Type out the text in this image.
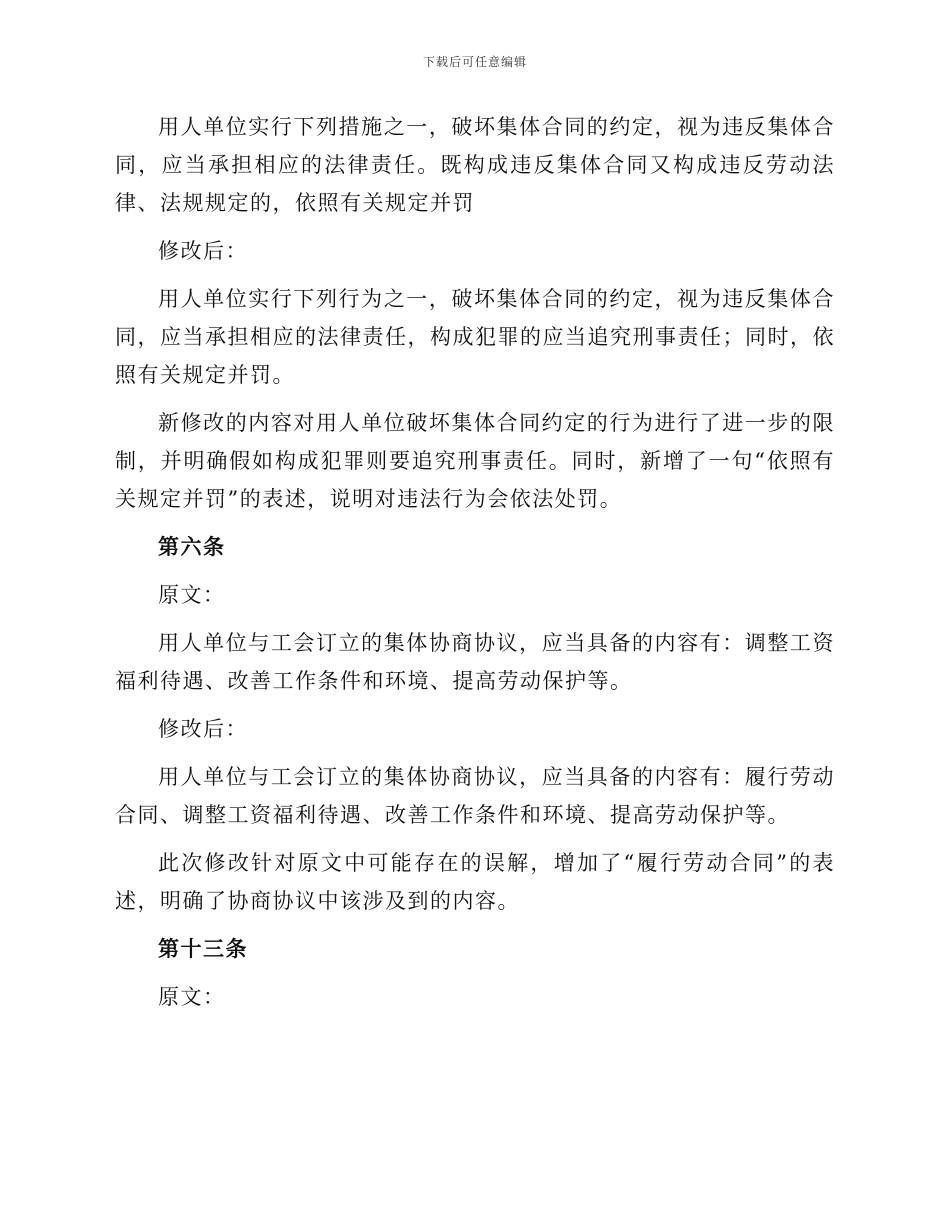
下载后可任意编辑

用人单位实行下列措施之一，破坏集体合同的约定，视为违反集体合同，应当承担相应的法律责任。既构成违反集体合同又构成违反劳动法律、法规规定的，依照有关规定并罚

修改后：

用人单位实行下列行为之一，破坏集体合同的约定，视为违反集体合同，应当承担相应的法律责任，构成犯罪的应当追究刑事责任；同时，依照有关规定并罚。

新修改的内容对用人单位破坏集体合同约定的行为进行了进一步的限制，并明确假如构成犯罪则要追究刑事责任。同时，新增了一句“依照有关规定并罚”的表述，说明对违法行为会依法处罚。

第六条

原文：

用人单位与工会订立的集体协商协议，应当具备的内容有：调整工资福利待遇、改善工作条件和环境、提高劳动保护等。

修改后：

用人单位与工会订立的集体协商协议，应当具备的内容有：履行劳动合同、调整工资福利待遇、改善工作条件和环境、提高劳动保护等。

此次修改针对原文中可能存在的误解，增加了“履行劳动合同”的表述，明确了协商协议中该涉及到的内容。

第十三条

原文：
